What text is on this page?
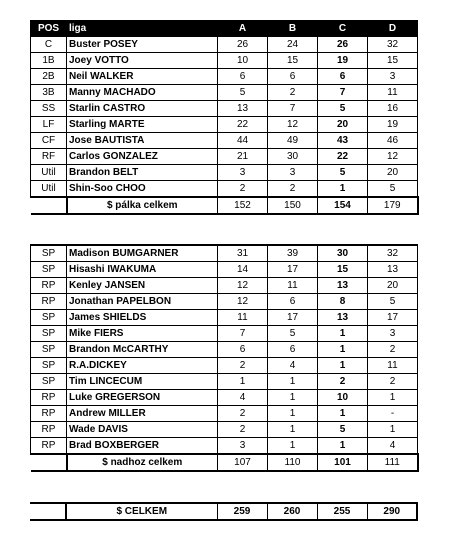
POS	liga	A	B	C	D
C	Buster POSEY	26	24	26	32
1B	Joey VOTTO	10	15	19	15
2B	Neil WALKER	6	6	6	3
3B	Manny MACHADO	5	2	7	11
SS	Starlin CASTRO	13	7	5	16
LF	Starling MARTE	22	12	20	19
CF	Jose BAUTISTA	44	49	43	46
RF	Carlos GONZALEZ	21	30	22	12
Util	Brandon BELT	3	3	5	20
Util	Shin-Soo CHOO	2	2	1	5
	$ pálka celkem	152	150	154	179
SP	Madison BUMGARNER	31	39	30	32
SP	Hisashi IWAKUMA	14	17	15	13
RP	Kenley JANSEN	12	11	13	20
RP	Jonathan PAPELBON	12	6	8	5
SP	James SHIELDS	11	17	13	17
SP	Mike FIERS	7	5	1	3
SP	Brandon McCARTHY	6	6	1	2
SP	R.A.DICKEY	2	4	1	11
SP	Tim LINCECUM	1	1	2	2
RP	Luke GREGERSON	4	1	10	1
RP	Andrew MILLER	2	1	1	-
RP	Wade DAVIS	2	1	5	1
RP	Brad BOXBERGER	3	1	1	4
	$ nadhoz celkem	107	110	101	111
	$ CELKEM	259	260	255	290
